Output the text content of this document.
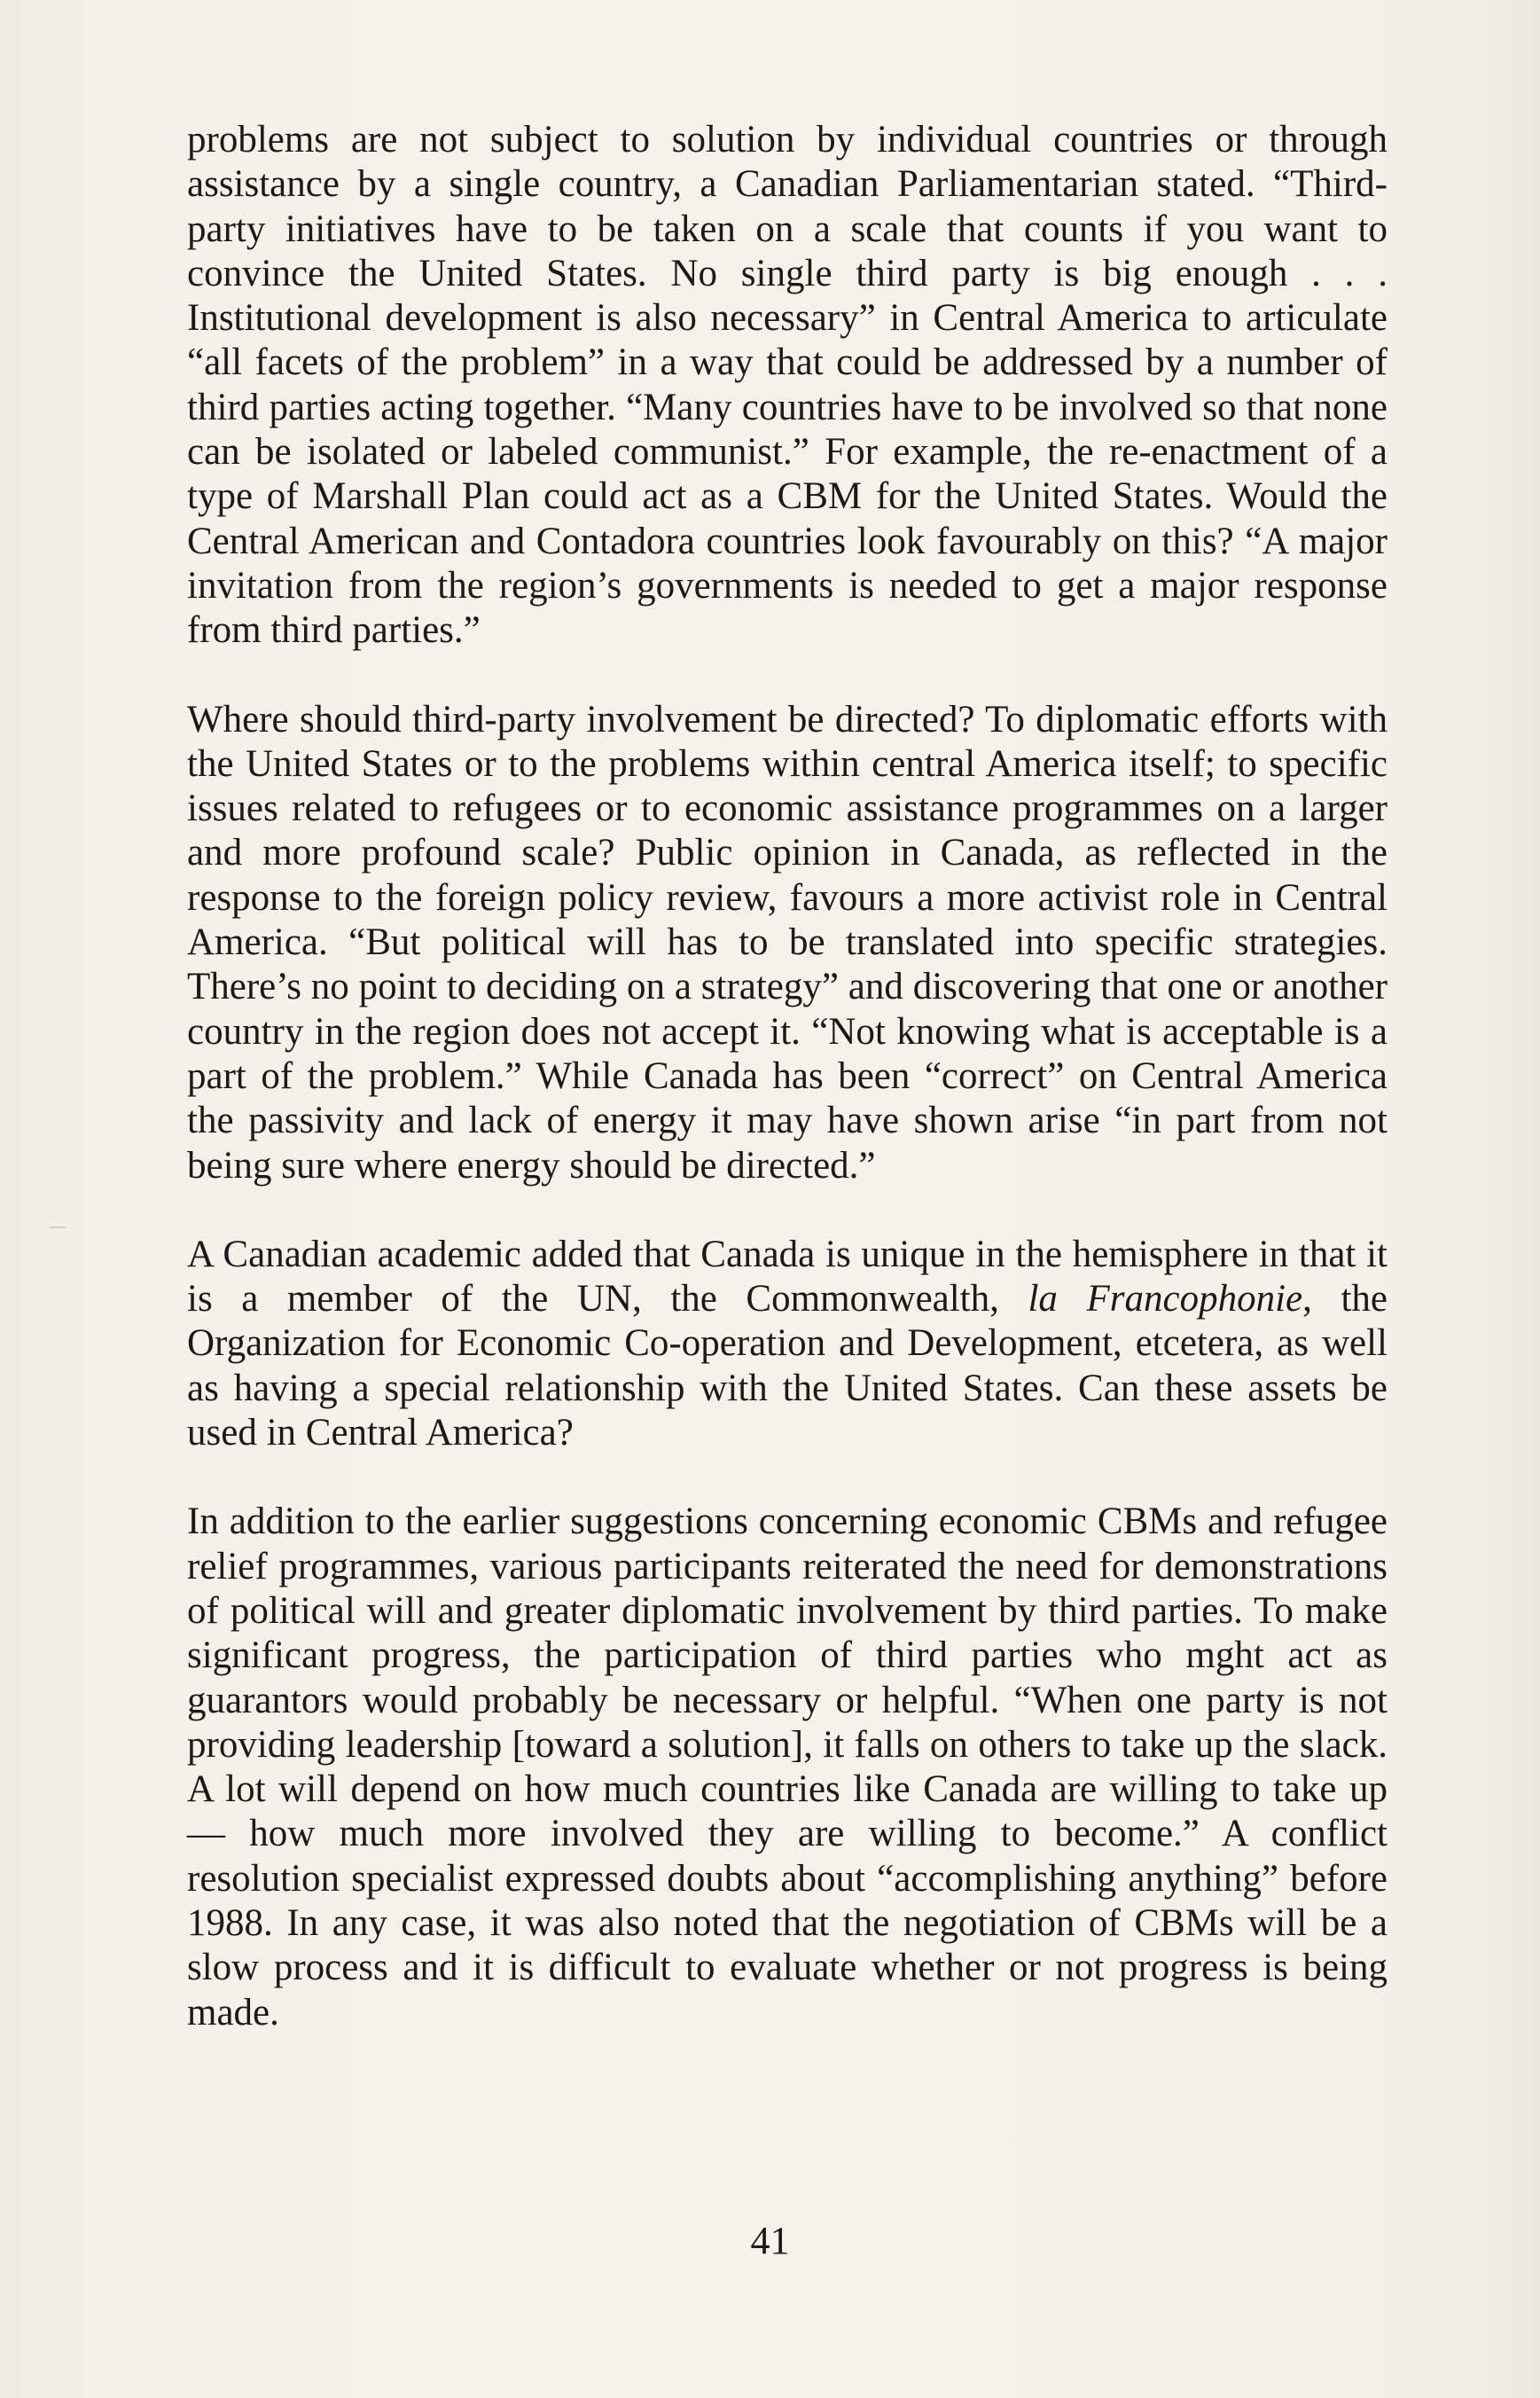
problems are not subject to solution by individual countries or through assistance by a single country, a Canadian Parliamentarian stated. “Third-party initiatives have to be taken on a scale that counts if you want to convince the United States. No single third party is big enough . . . Institutional development is also necessary” in Central America to articulate “all facets of the problem” in a way that could be addressed by a number of third parties acting together. “Many countries have to be involved so that none can be isolated or labeled communist.” For example, the re-enactment of a type of Marshall Plan could act as a CBM for the United States. Would the Central American and Contadora countries look favourably on this? “A major invitation from the region’s governments is needed to get a major response from third parties.”

Where should third-party involvement be directed? To diplomatic efforts with the United States or to the problems within central America itself; to specific issues related to refugees or to economic assistance programmes on a larger and more profound scale? Public opinion in Canada, as reflected in the response to the foreign policy review, favours a more activist role in Central America. “But political will has to be translated into specific strategies. There’s no point to deciding on a strategy” and discovering that one or another country in the region does not accept it. “Not knowing what is acceptable is a part of the problem.” While Canada has been “correct” on Central America the passivity and lack of energy it may have shown arise “in part from not being sure where energy should be directed.”

A Canadian academic added that Canada is unique in the hemisphere in that it is a member of the UN, the Commonwealth, la Francophonie, the Organization for Economic Co-operation and Development, etcetera, as well as having a special relationship with the United States. Can these assets be used in Central America?

In addition to the earlier suggestions concerning economic CBMs and refugee relief programmes, various participants reiterated the need for demonstrations of political will and greater diplomatic involvement by third parties. To make significant progress, the participation of third parties who mght act as guarantors would probably be necessary or helpful. “When one party is not providing leadership [toward a solution], it falls on others to take up the slack. A lot will depend on how much countries like Canada are willing to take up — how much more involved they are willing to become.” A conflict resolution specialist expressed doubts about “accomplishing anything” before 1988. In any case, it was also noted that the negotiation of CBMs will be a slow process and it is difficult to evaluate whether or not progress is being made.

41
